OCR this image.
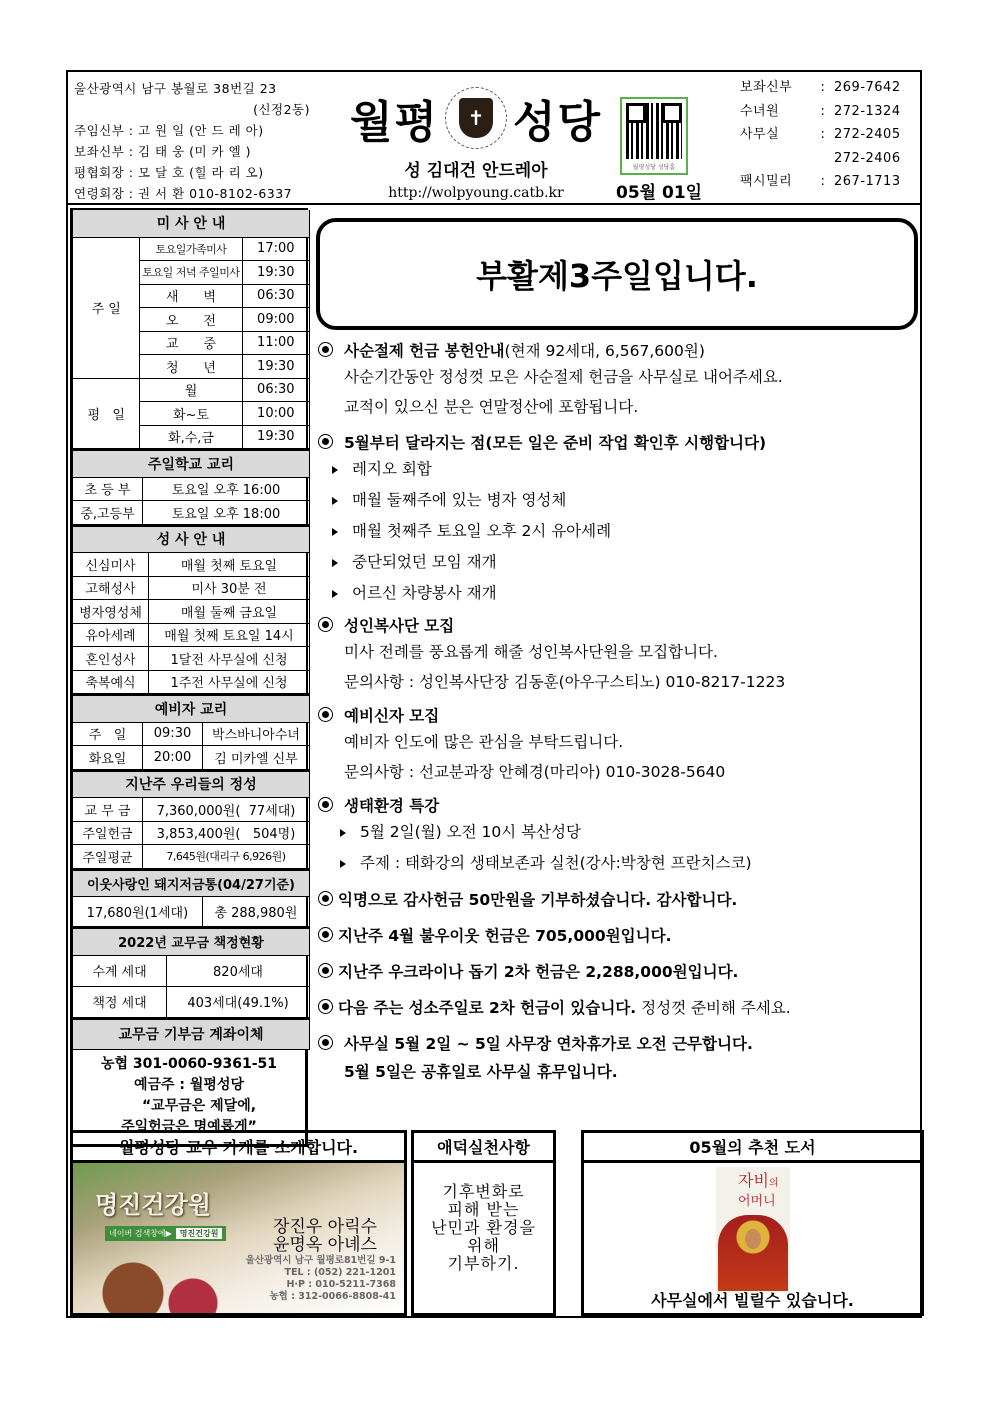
울산광역시 남구 봉월로 38번길 23
(신정2동)
주임신부 : 고 원 일 (안 드 레 아)
보좌신부 : 김 태 웅 (미 카 엘 )
평협회장 : 모 달 호 (힐 라 리 오)
연령회장 : 권 서 환 010-8102-6337
월평	✝ 성당
성 김대건 안드레아
http://wolpyoung.catb.kr
월평성당 성당홈
05월 01일
보좌신부	: 269-7642
수녀원	: 272-1324
사무실	: 272-2405
272-2406
팩시밀리	: 267-1713
미 사 안 내		
주 일	토요일가족미사	17:00
	토요일 저녁 주일미사	19:30
	새      벽	06:30
	오      전	09:00
	교      중	11:00
	청      년	19:30
평   일	월	06:30
	화~토	10:00
	화,수,금	19:30
주일학교 교리	
초 등 부	토요일 오후 16:00
중,고등부	토요일 오후 18:00
성 사 안 내	
신심미사	매월 첫째 토요일
고해성사	미사 30분 전
병자영성체	매월 둘째 금요일
유아세례	매월 첫째 토요일 14시
혼인성사	1달전 사무실에 신청
축복예식	1주전 사무실에 신청
예비자 교리		
주   일	09:30	박스바니아수녀
화요일	20:00	김 미카엘 신부
지난주 우리들의 정성	
교 무 금	7,360,000원(  77세대)
주일헌금	3,853,400원(   504명)
주일평균	7,645원(대리구 6,926원)
이웃사랑인 돼지저금통(04/27기준)
17,680원(1세대)	총 288,980원
2022년 교무금 책정현황	
수계 세대	820세대
책정 세대	403세대(49.1%)
교무금 기부금 계좌이체
농협 301-0060-9361-51
예금주 : 월평성당
“교무금은 제달에,
주일헌금은 명예롭게”
부활제3주일입니다.
사순절제 헌금 봉헌안내(현재 92세대, 6,567,600원)
사순기간동안 정성껏 모은 사순절제 헌금을 사무실로 내어주세요.
교적이 있으신 분은 연말정산에 포함됩니다.
5월부터 달라지는 점(모든 일은 준비 작업 확인후 시행합니다)
레지오 회합
매월 둘째주에 있는 병자 영성체
매월 첫째주 토요일 오후 2시 유아세례
중단되었던 모임 재개
어르신 차량봉사 재개
성인복사단 모집
미사 전례를 풍요롭게 해줄 성인복사단원을 모집합니다.
문의사항 : 성인복사단장 김동훈(아우구스티노) 010-8217-1223
예비신자 모집
예비자 인도에 많은 관심을 부탁드립니다.
문의사항 : 선교분과장 안혜경(마리아) 010-3028-5640
생태환경 특강
5월 2일(월) 오전 10시 복산성당
주제 : 태화강의 생태보존과 실천(강사:박창현 프란치스코)
익명으로 감사헌금 50만원을 기부하셨습니다. 감사합니다.
지난주 4월 불우이웃 헌금은 705,000원입니다.
지난주 우크라이나 돕기 2차 헌금은 2,288,000원입니다.
다음 주는 성소주일로 2차 헌금이 있습니다. 정성껏 준비해 주세요.
사무실 5월 2일 ~ 5일 사무장 연차휴가로 오전 근무합니다.
5월 5일은 공휴일로 사무실 휴무입니다.
월평성당 교우 가게를 소개합니다.
명진건강원
네이버 검색창에▶	명진건강원	장진우 아릭수
윤명옥 아녜스
울산광역시 남구 월평로81번길 9-1
TEL : (052) 221-1201
H·P : 010-5211-7368
농협 : 312-0066-8808-41
애덕실천사항
기후변화로
피해 받는
난민과 환경을
위해
기부하기.
05월의 추천 도서
자비의
어머니
사무실에서 빌릴수 있습니다.
